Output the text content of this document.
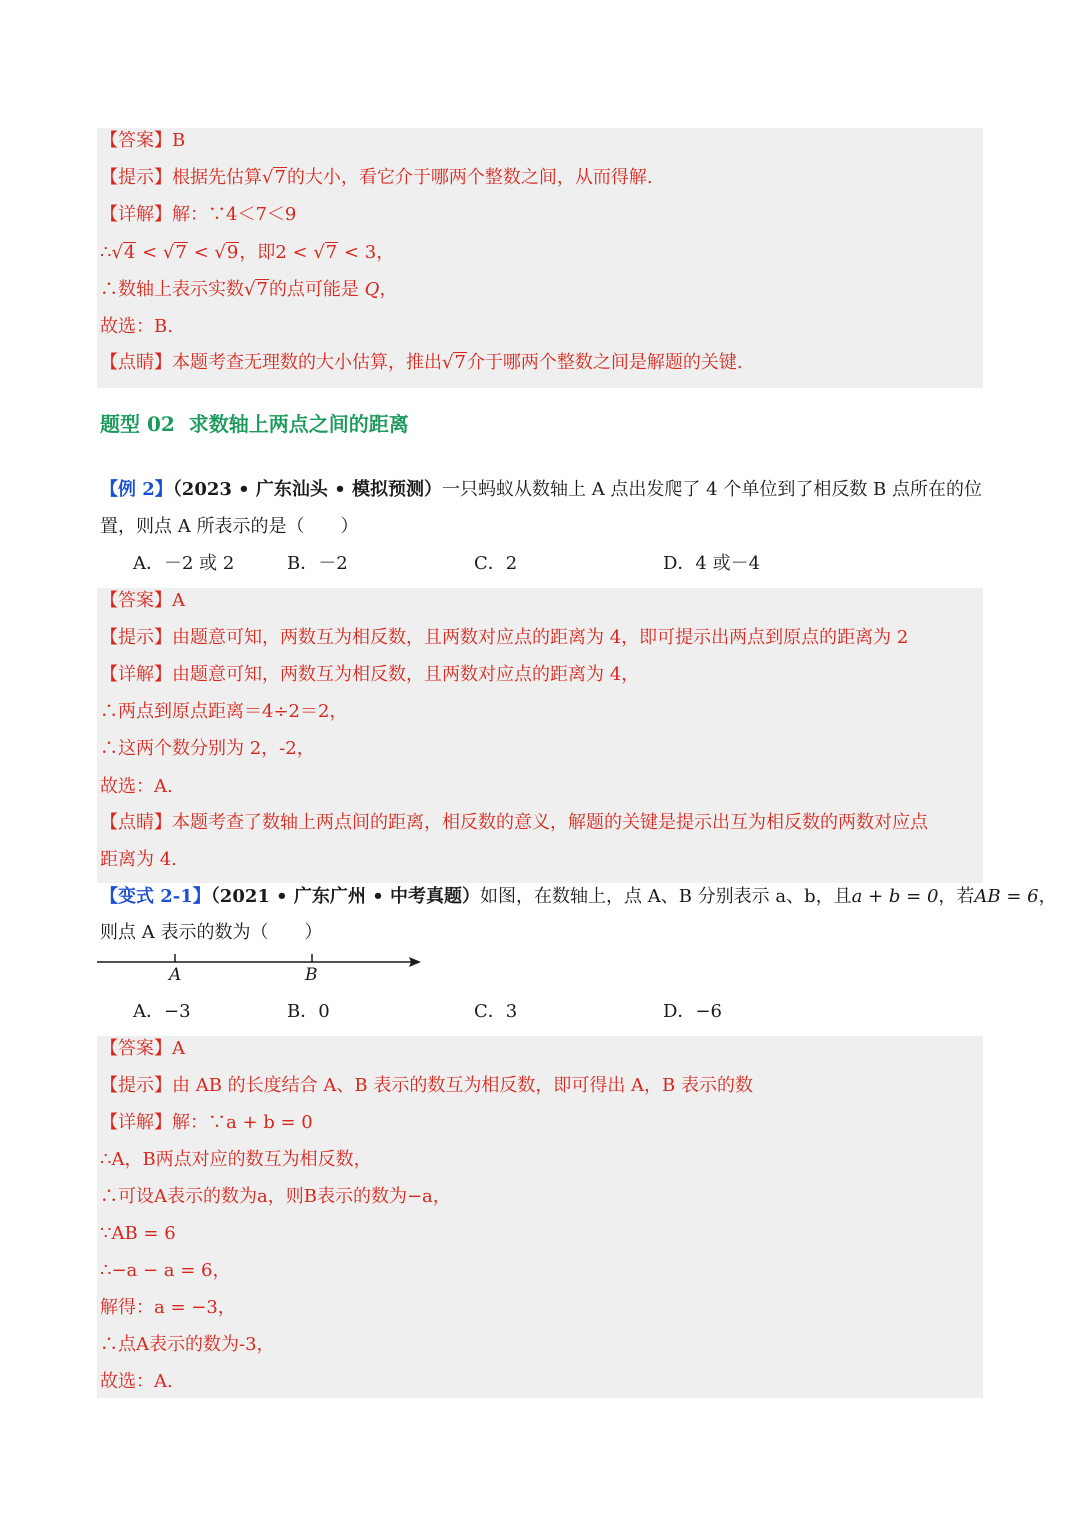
【答案】B
【提示】根据先估算√7的大小，看它介于哪两个整数之间，从而得解.
【详解】解：∵4＜7＜9
∴√4 < √7 < √9，即2 < √7 < 3，
∴数轴上表示实数√7的点可能是 Q，
故选：B.
【点睛】本题考查无理数的大小估算，推出√7介于哪两个整数之间是解题的关键.
题型 02  求数轴上两点之间的距离
【例 2】（2023 • 广东汕头 • 模拟预测）一只蚂蚁从数轴上 A 点出发爬了 4 个单位到了相反数 B 点所在的位
置，则点 A 所表示的是（　　）
A．－2 或 2	B．－2	C．2	D．4 或－4
【答案】A
【提示】由题意可知，两数互为相反数，且两数对应点的距离为 4，即可提示出两点到原点的距离为 2
【详解】由题意可知，两数互为相反数，且两数对应点的距离为 4，
∴两点到原点距离＝4÷2＝2，
∴这两个数分别为 2，-2，
故选：A.
【点睛】本题考查了数轴上两点间的距离，相反数的意义，解题的关键是提示出互为相反数的两数对应点
距离为 4.
【变式 2-1】（2021 • 广东广州 • 中考真题）如图，在数轴上，点 A、B 分别表示 a、b，且a + b = 0，若AB = 6，
则点 A 表示的数为（　　）
A	B
A．−3	B．0	C．3	D．−6
【答案】A
【提示】由 AB 的长度结合 A、B 表示的数互为相反数，即可得出 A，B 表示的数
【详解】解：∵a + b = 0
∴A，B两点对应的数互为相反数，
∴可设A表示的数为a，则B表示的数为−a，
∵AB = 6
∴−a − a = 6，
解得：a = −3，
∴点A表示的数为-3，
故选：A.
